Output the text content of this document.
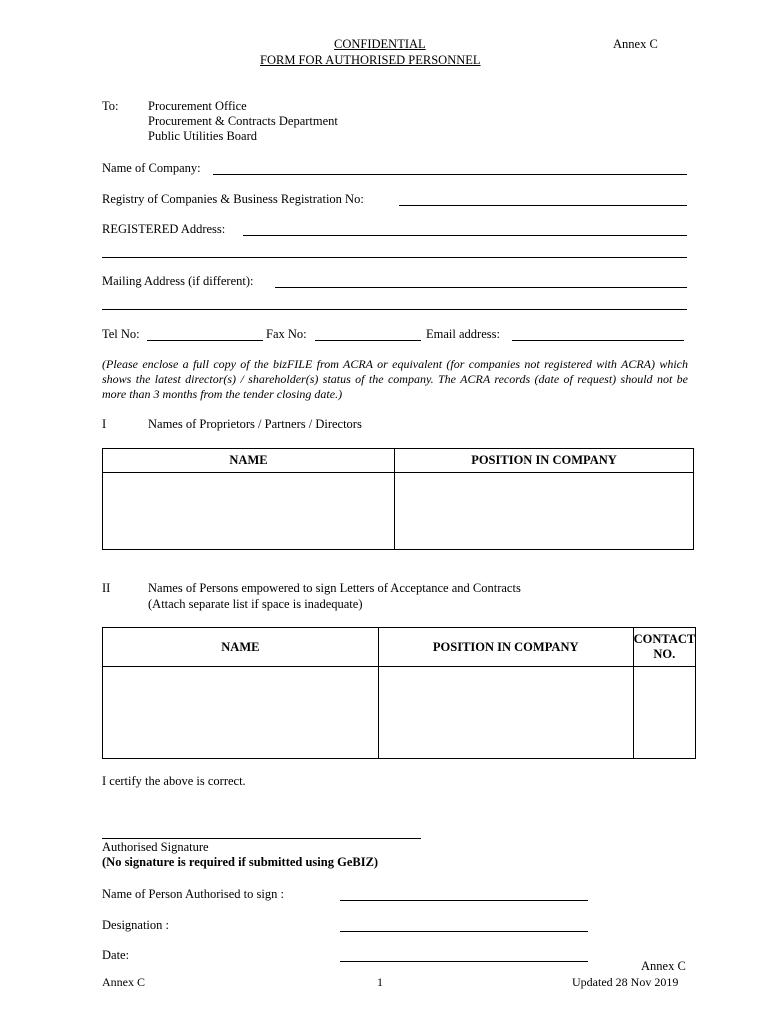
CONFIDENTIAL	Annex C
FORM FOR AUTHORISED PERSONNEL
To: Procurement Office
Procurement & Contracts Department
Public Utilities Board
Name of Company:
Registry of Companies & Business Registration No:
REGISTERED Address:
Mailing Address (if different):
Tel No:	Fax No:	Email address:
(Please enclose a full copy of the bizFILE from ACRA or equivalent (for companies not registered with ACRA) which shows the latest director(s) / shareholder(s) status of the company. The ACRA records (date of request) should not be more than 3 months from the tender closing date.)
I	Names of Proprietors / Partners / Directors
NAME	POSITION IN COMPANY

II	Names of Persons empowered to sign Letters of Acceptance and Contracts
(Attach separate list if space is inadequate)
NAME	POSITION IN COMPANY	CONTACT NO.

I certify the above is correct.
Authorised Signature
(No signature is required if submitted using GeBIZ)
Name of Person Authorised to sign :
Designation :
Date:
Annex C
Annex C	1	Updated 28 Nov 2019
